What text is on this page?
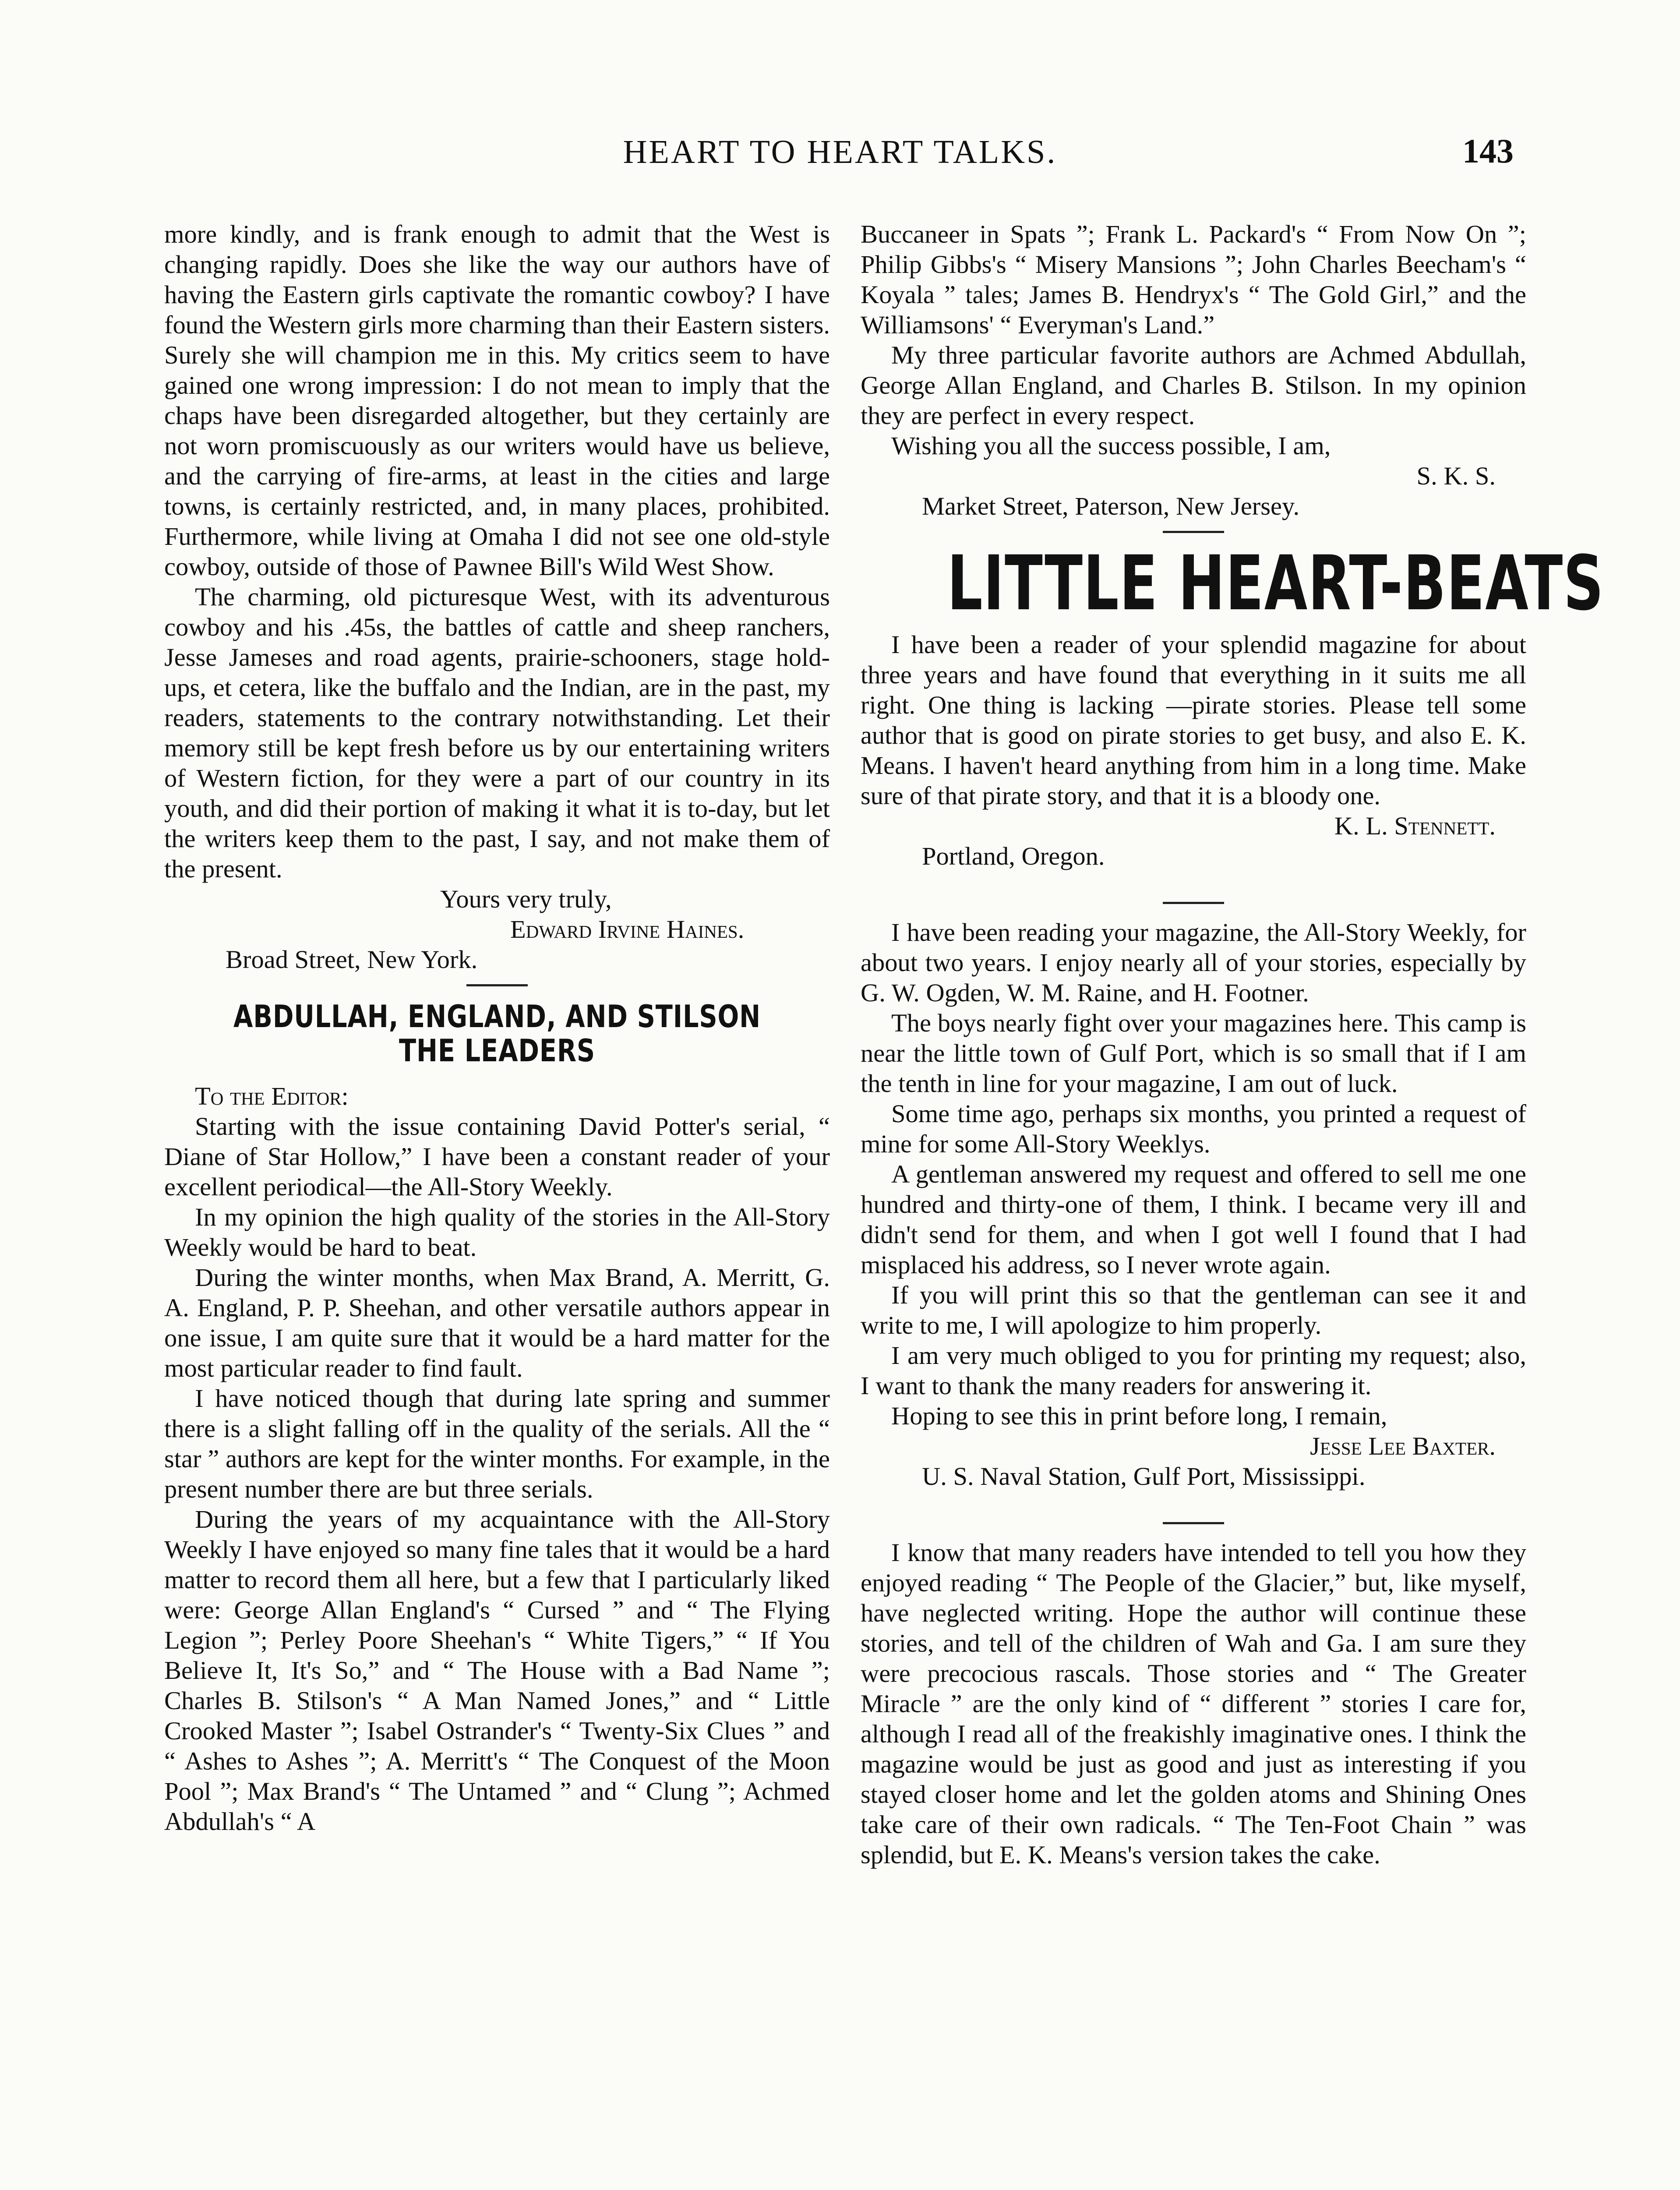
HEART TO HEART TALKS.	143

more kindly, and is frank enough to admit that the West is changing rapidly. Does she like the way our authors have of having the Eastern girls captivate the romantic cowboy? I have found the Western girls more charming than their Eastern sisters. Surely she will champion me in this. My critics seem to have gained one wrong impression: I do not mean to imply that the chaps have been disregarded altogether, but they certainly are not worn promiscuously as our writers would have us believe, and the carrying of fire-arms, at least in the cities and large towns, is certainly restricted, and, in many places, prohibited. Furthermore, while living at Omaha I did not see one old-style cowboy, outside of those of Pawnee Bill's Wild West Show.

The charming, old picturesque West, with its adventurous cowboy and his .45s, the battles of cattle and sheep ranchers, Jesse Jameses and road agents, prairie-schooners, stage hold-ups, et cetera, like the buffalo and the Indian, are in the past, my readers, statements to the contrary notwithstanding. Let their memory still be kept fresh before us by our entertaining writers of Western fiction, for they were a part of our country in its youth, and did their portion of making it what it is to-day, but let the writers keep them to the past, I say, and not make them of the present.

Yours very truly,

Edward Irvine Haines.

Broad Street, New York.

ABDULLAH, ENGLAND, AND STILSON THE LEADERS

To the Editor:

Starting with the issue containing David Potter's serial, “ Diane of Star Hollow,” I have been a constant reader of your excellent periodical—the All-Story Weekly.

In my opinion the high quality of the stories in the All-Story Weekly would be hard to beat.

During the winter months, when Max Brand, A. Merritt, G. A. England, P. P. Sheehan, and other versatile authors appear in one issue, I am quite sure that it would be a hard matter for the most particular reader to find fault.

I have noticed though that during late spring and summer there is a slight falling off in the quality of the serials. All the “ star ” authors are kept for the winter months. For example, in the present number there are but three serials.

During the years of my acquaintance with the All-Story Weekly I have enjoyed so many fine tales that it would be a hard matter to record them all here, but a few that I particularly liked were: George Allan England's “ Cursed ” and “ The Flying Legion ”; Perley Poore Sheehan's “ White Tigers,” “ If You Believe It, It's So,” and “ The House with a Bad Name ”; Charles B. Stilson's “ A Man Named Jones,” and “ Little Crooked Master ”; Isabel Ostrander's “ Twenty-Six Clues ” and “ Ashes to Ashes ”; A. Merritt's “ The Conquest of the Moon Pool ”; Max Brand's “ The Untamed ” and “ Clung ”; Achmed Abdullah's “ A

Buccaneer in Spats ”; Frank L. Packard's “ From Now On ”; Philip Gibbs's “ Misery Mansions ”; John Charles Beecham's “ Koyala ” tales; James B. Hendryx's “ The Gold Girl,” and the Williamsons' “ Everyman's Land.”

My three particular favorite authors are Achmed Abdullah, George Allan England, and Charles B. Stilson. In my opinion they are perfect in every respect.

Wishing you all the success possible, I am,

S. K. S.

Market Street, Paterson, New Jersey.

LITTLE HEART-BEATS

I have been a reader of your splendid magazine for about three years and have found that everything in it suits me all right. One thing is lacking —pirate stories. Please tell some author that is good on pirate stories to get busy, and also E. K. Means. I haven't heard anything from him in a long time. Make sure of that pirate story, and that it is a bloody one.

K. L. Stennett.

Portland, Oregon.

I have been reading your magazine, the All-Story Weekly, for about two years. I enjoy nearly all of your stories, especially by G. W. Ogden, W. M. Raine, and H. Footner.

The boys nearly fight over your magazines here. This camp is near the little town of Gulf Port, which is so small that if I am the tenth in line for your magazine, I am out of luck.

Some time ago, perhaps six months, you printed a request of mine for some All-Story Weeklys.

A gentleman answered my request and offered to sell me one hundred and thirty-one of them, I think. I became very ill and didn't send for them, and when I got well I found that I had misplaced his address, so I never wrote again.

If you will print this so that the gentleman can see it and write to me, I will apologize to him properly.

I am very much obliged to you for printing my request; also, I want to thank the many readers for answering it.

Hoping to see this in print before long, I remain,

Jesse Lee Baxter.

U. S. Naval Station, Gulf Port, Mississippi.

I know that many readers have intended to tell you how they enjoyed reading “ The People of the Glacier,” but, like myself, have neglected writing. Hope the author will continue these stories, and tell of the children of Wah and Ga. I am sure they were precocious rascals. Those stories and “ The Greater Miracle ” are the only kind of “ different ” stories I care for, although I read all of the freakishly imaginative ones. I think the magazine would be just as good and just as interesting if you stayed closer home and let the golden atoms and Shining Ones take care of their own radicals. “ The Ten-Foot Chain ” was splendid, but E. K. Means's version takes the cake.
